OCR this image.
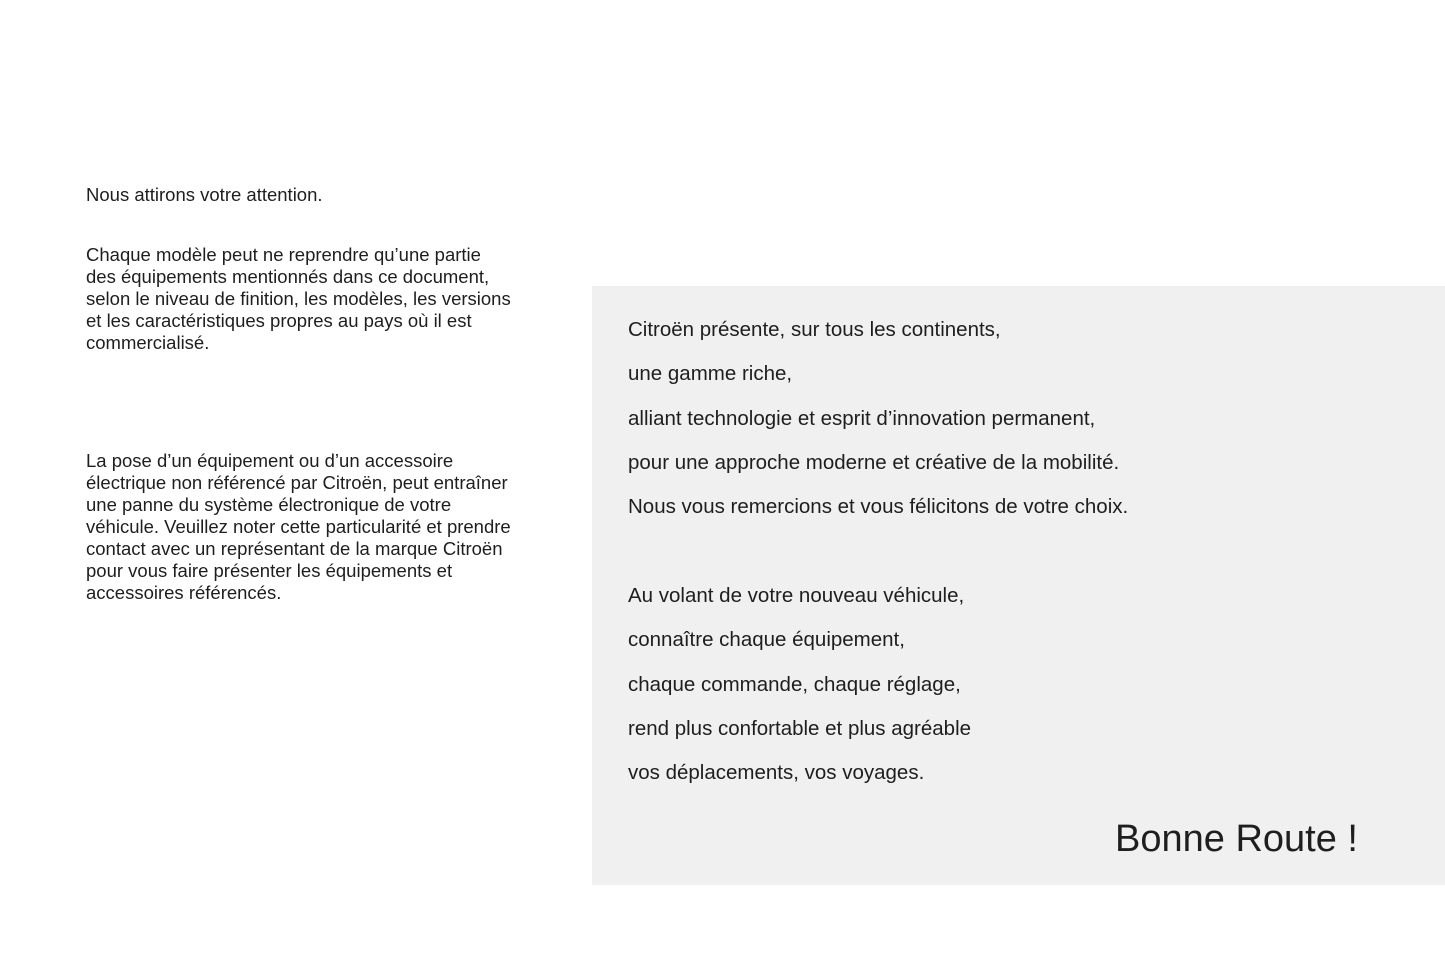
Nous attirons votre attention.

Chaque modèle peut ne reprendre qu’une partie
des équipements mentionnés dans ce document,
selon le niveau de finition, les modèles, les versions
et les caractéristiques propres au pays où il est
commercialisé.

La pose d’un équipement ou d’un accessoire
électrique non référencé par Citroën, peut entraîner
une panne du système électronique de votre
véhicule. Veuillez noter cette particularité et prendre
contact avec un représentant de la marque Citroën
pour vous faire présenter les équipements et
accessoires référencés.

Citroën présente, sur tous les continents,
une gamme riche,
alliant technologie et esprit d’innovation permanent,
pour une approche moderne et créative de la mobilité.
Nous vous remercions et vous félicitons de votre choix.
Au volant de votre nouveau véhicule,
connaître chaque équipement,
chaque commande, chaque réglage,
rend plus confortable et plus agréable
vos déplacements, vos voyages.
Bonne Route !
